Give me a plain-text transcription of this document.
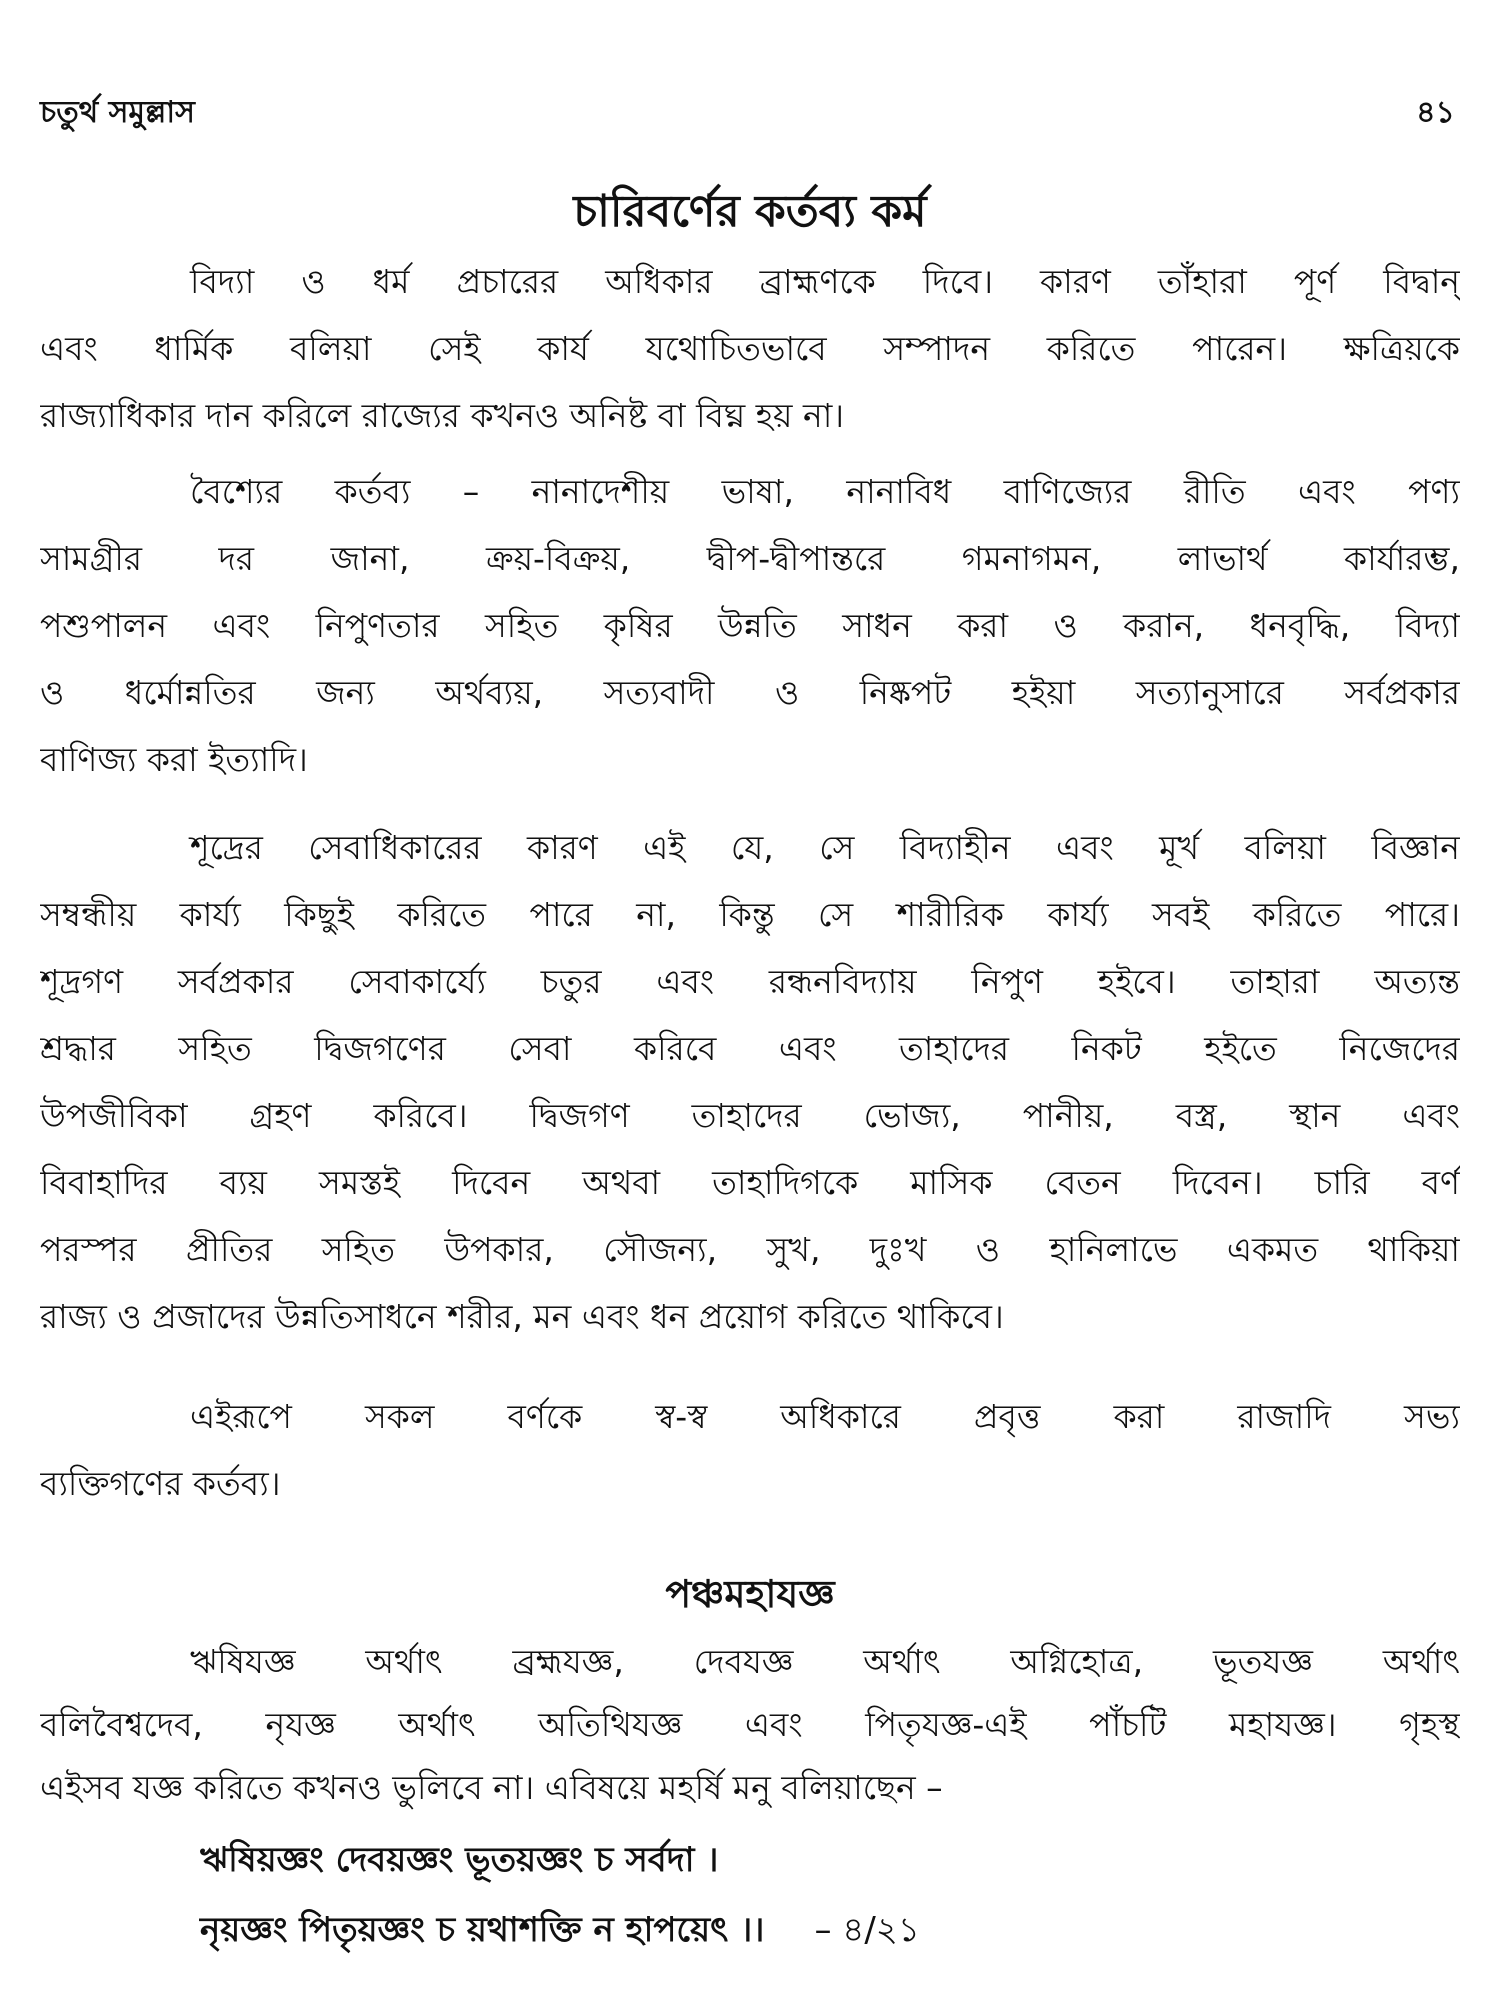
চতুর্থ সমুল্লাস	৪১
চারিবর্ণের কর্তব্য কর্ম
বিদ্যা ও ধর্ম প্রচারের অধিকার ব্রাহ্মণকে দিবে। কারণ তাঁহারা পূর্ণ বিদ্বান্
এবং ধার্মিক বলিয়া সেই কার্য যথোচিতভাবে সম্পাদন করিতে পারেন। ক্ষত্রিয়কে
রাজ্যাধিকার দান করিলে রাজ্যের কখনও অনিষ্ট বা বিঘ্ন হয় না।
বৈশ্যের কর্তব্য – নানাদেশীয় ভাষা, নানাবিধ বাণিজ্যের রীতি এবং পণ্য
সামগ্রীর দর জানা, ক্রয়-বিক্রয়, দ্বীপ-দ্বীপান্তরে গমনাগমন, লাভার্থ কার্যারম্ভ,
পশুপালন এবং নিপুণতার সহিত কৃষির উন্নতি সাধন করা ও করান, ধনবৃদ্ধি, বিদ্যা
ও ধর্মোন্নতির জন্য অর্থব্যয়, সত্যবাদী ও নিষ্কপট হইয়া সত্যানুসারে সর্বপ্রকার
বাণিজ্য করা ইত্যাদি।
শূদ্রের সেবাধিকারের কারণ এই যে, সে বিদ্যাহীন এবং মূর্খ বলিয়া বিজ্ঞান
সম্বন্ধীয় কার্য্য কিছুই করিতে পারে না, কিন্তু সে শারীরিক কার্য্য সবই করিতে পারে।
শূদ্রগণ সর্বপ্রকার সেবাকার্য্যে চতুর এবং রন্ধনবিদ্যায় নিপুণ হইবে। তাহারা অত্যন্ত
শ্রদ্ধার সহিত দ্বিজগণের সেবা করিবে এবং তাহাদের নিকট হইতে নিজেদের
উপজীবিকা গ্রহণ করিবে। দ্বিজগণ তাহাদের ভোজ্য, পানীয়, বস্ত্র, স্থান এবং
বিবাহাদির ব্যয় সমস্তই দিবেন অথবা তাহাদিগকে মাসিক বেতন দিবেন। চারি বর্ণ
পরস্পর প্রীতির সহিত উপকার, সৌজন্য, সুখ, দুঃখ ও হানিলাভে একমত থাকিয়া
রাজ্য ও প্রজাদের উন্নতিসাধনে শরীর, মন এবং ধন প্রয়োগ করিতে থাকিবে।
এইরূপে সকল বর্ণকে স্ব-স্ব অধিকারে প্রবৃত্ত করা রাজাদি সভ্য
ব্যক্তিগণের কর্তব্য।
পঞ্চমহাযজ্ঞ
ঋষিযজ্ঞ অর্থাৎ ব্রহ্মযজ্ঞ, দেবযজ্ঞ অর্থাৎ অগ্নিহোত্র, ভূতযজ্ঞ অর্থাৎ
বলিবৈশ্বদেব, নৃযজ্ঞ অর্থাৎ অতিথিযজ্ঞ এবং পিতৃযজ্ঞ-এই পাঁচটি মহাযজ্ঞ। গৃহস্থ
এইসব যজ্ঞ করিতে কখনও ভুলিবে না। এবিষয়ে মহর্ষি মনু বলিয়াছেন –
ঋষিয়জ্ঞং দেবয়জ্ঞং ভূতয়জ্ঞং চ সর্বদা ।
নৃয়জ্ঞং পিতৃয়জ্ঞং চ য়থাশক্তি ন হাপয়েৎ ।। – ৪/২১
